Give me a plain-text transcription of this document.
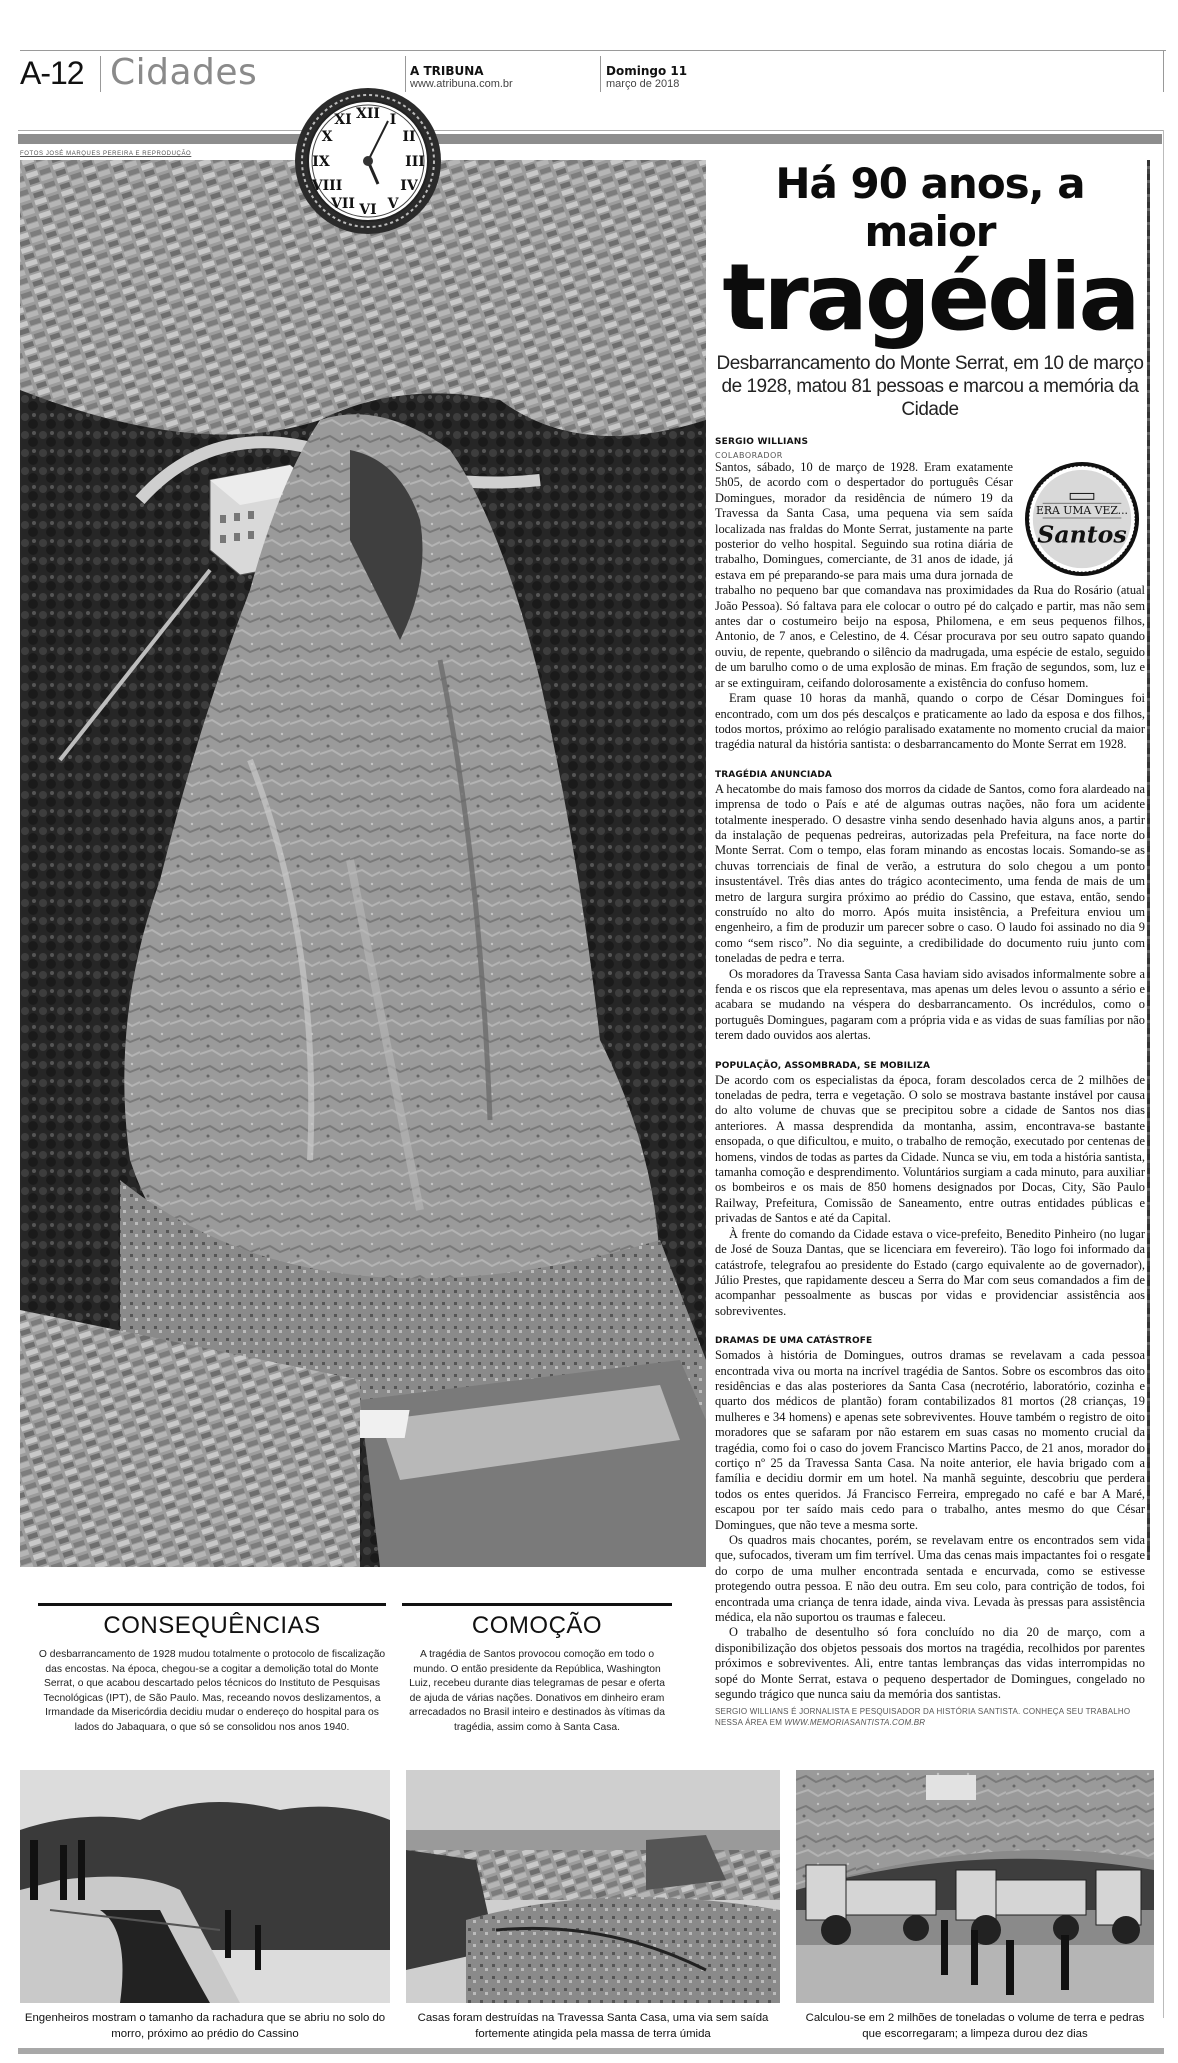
A-12 Cidades	A TRIBUNA
www.atribuna.com.br
Domingo 11
março de 2018
FOTOS JOSÉ MARQUES PEREIRA E REPRODUÇÃO
XII I
II
III
IV
V
VI
VII
VIII
IX
X
XI
Há 90 anos, a maior
tragédia

Desbarrancamento do Monte Serrat, em 10 de março de 1928, matou 81 pessoas e marcou a memória da Cidade

SERGIO WILLIANS
COLABORADOR
ERA UMA VEZ...
Santos

Santos, sábado, 10 de março de 1928. Eram exatamente 5h05, de acordo com o despertador do português César Domingues, morador da residência de número 19 da Travessa da Santa Casa, uma pequena via sem saída localizada nas fraldas do Monte Serrat, justamente na parte posterior do velho hospital. Seguindo sua rotina diária de trabalho, Domingues, comerciante, de 31 anos de idade, já estava em pé preparando-se para mais uma dura jornada de trabalho no pequeno bar que comandava nas proximidades da Rua do Rosário (atual João Pessoa). Só faltava para ele colocar o outro pé do calçado e partir, mas não sem antes dar o costumeiro beijo na esposa, Philomena, e em seus pequenos filhos, Antonio, de 7 anos, e Celestino, de 4. César procurava por seu outro sapato quando ouviu, de repente, quebrando o silêncio da madrugada, uma espécie de estalo, seguido de um barulho como o de uma explosão de minas. Em fração de segundos, som, luz e ar se extinguiram, ceifando dolorosamente a existência do confuso homem.

Eram quase 10 horas da manhã, quando o corpo de César Domingues foi encontrado, com um dos pés descalços e praticamente ao lado da esposa e dos filhos, todos mortos, próximo ao relógio paralisado exatamente no momento crucial da maior tragédia natural da história santista: o desbarrancamento do Monte Serrat em 1928.

TRAGÉDIA ANUNCIADA

A hecatombe do mais famoso dos morros da cidade de Santos, como fora alardeado na imprensa de todo o País e até de algumas outras nações, não fora um acidente totalmente inesperado. O desastre vinha sendo desenhado havia alguns anos, a partir da instalação de pequenas pedreiras, autorizadas pela Prefeitura, na face norte do Monte Serrat. Com o tempo, elas foram minando as encostas locais. Somando-se as chuvas torrenciais de final de verão, a estrutura do solo chegou a um ponto insustentável. Três dias antes do trágico acontecimento, uma fenda de mais de um metro de largura surgira próximo ao prédio do Cassino, que estava, então, sendo construído no alto do morro. Após muita insistência, a Prefeitura enviou um engenheiro, a fim de produzir um parecer sobre o caso. O laudo foi assinado no dia 9 como “sem risco”. No dia seguinte, a credibilidade do documento ruiu junto com toneladas de pedra e terra.

Os moradores da Travessa Santa Casa haviam sido avisados informalmente sobre a fenda e os riscos que ela representava, mas apenas um deles levou o assunto a sério e acabara se mudando na véspera do desbarrancamento. Os incrédulos, como o português Domingues, pagaram com a própria vida e as vidas de suas famílias por não terem dado ouvidos aos alertas.

POPULAÇÃO, ASSOMBRADA, SE MOBILIZA

De acordo com os especialistas da época, foram descolados cerca de 2 milhões de toneladas de pedra, terra e vegetação. O solo se mostrava bastante instável por causa do alto volume de chuvas que se precipitou sobre a cidade de Santos nos dias anteriores. A massa desprendida da montanha, assim, encontrava-se bastante ensopada, o que dificultou, e muito, o trabalho de remoção, executado por centenas de homens, vindos de todas as partes da Cidade. Nunca se viu, em toda a história santista, tamanha comoção e desprendimento. Voluntários surgiam a cada minuto, para auxiliar os bombeiros e os mais de 850 homens designados por Docas, City, São Paulo Railway, Prefeitura, Comissão de Saneamento, entre outras entidades públicas e privadas de Santos e até da Capital.

À frente do comando da Cidade estava o vice-prefeito, Benedito Pinheiro (no lugar de José de Souza Dantas, que se licenciara em fevereiro). Tão logo foi informado da catástrofe, telegrafou ao presidente do Estado (cargo equivalente ao de governador), Júlio Prestes, que rapidamente desceu a Serra do Mar com seus comandados a fim de acompanhar pessoalmente as buscas por vidas e providenciar assistência aos sobreviventes.

DRAMAS DE UMA CATÁSTROFE

Somados à história de Domingues, outros dramas se revelavam a cada pessoa encontrada viva ou morta na incrível tragédia de Santos. Sobre os escombros das oito residências e das alas posteriores da Santa Casa (necrotério, laboratório, cozinha e quarto dos médicos de plantão) foram contabilizados 81 mortos (28 crianças, 19 mulheres e 34 homens) e apenas sete sobreviventes. Houve também o registro de oito moradores que se safaram por não estarem em suas casas no momento crucial da tragédia, como foi o caso do jovem Francisco Martins Pacco, de 21 anos, morador do cortiço nº 25 da Travessa Santa Casa. Na noite anterior, ele havia brigado com a família e decidiu dormir em um hotel. Na manhã seguinte, descobriu que perdera todos os entes queridos. Já Francisco Ferreira, empregado no café e bar A Maré, escapou por ter saído mais cedo para o trabalho, antes mesmo do que César Domingues, que não teve a mesma sorte.

Os quadros mais chocantes, porém, se revelavam entre os encontrados sem vida que, sufocados, tiveram um fim terrível. Uma das cenas mais impactantes foi o resgate do corpo de uma mulher encontrada sentada e encurvada, como se estivesse protegendo outra pessoa. E não deu outra. Em seu colo, para contrição de todos, foi encontrada uma criança de tenra idade, ainda viva. Levada às pressas para assistência médica, ela não suportou os traumas e faleceu.

O trabalho de desentulho só fora concluído no dia 20 de março, com a disponibilização dos objetos pessoais dos mortos na tragédia, recolhidos por parentes próximos e sobreviventes. Ali, entre tantas lembranças das vidas interrompidas no sopé do Monte Serrat, estava o pequeno despertador de Domingues, congelado no segundo trágico que nunca saiu da memória dos santistas.

SERGIO WILLIANS É JORNALISTA E PESQUISADOR DA HISTÓRIA SANTISTA. CONHEÇA SEU TRABALHO NESSA ÁREA EM WWW.MEMORIASANTISTA.COM.BR
CONSEQUÊNCIAS

O desbarrancamento de 1928 mudou totalmente o protocolo de fiscalização das encostas. Na época, chegou-se a cogitar a demolição total do Monte Serrat, o que acabou descartado pelos técnicos do Instituto de Pesquisas Tecnológicas (IPT), de São Paulo. Mas, receando novos deslizamentos, a Irmandade da Misericórdia decidiu mudar o endereço do hospital para os lados do Jabaquara, o que só se consolidou nos anos 1940.

COMOÇÃO

A tragédia de Santos provocou comoção em todo o mundo. O então presidente da República, Washington Luiz, recebeu durante dias telegramas de pesar e oferta de ajuda de várias nações. Donativos em dinheiro eram arrecadados no Brasil inteiro e destinados às vítimas da tragédia, assim como à Santa Casa.

Engenheiros mostram o tamanho da rachadura que se abriu no solo do morro, próximo ao prédio do Cassino
Casas foram destruídas na Travessa Santa Casa, uma via sem saída fortemente atingida pela massa de terra úmida
Calculou-se em 2 milhões de toneladas o volume de terra e pedras que escorregaram; a limpeza durou dez dias
